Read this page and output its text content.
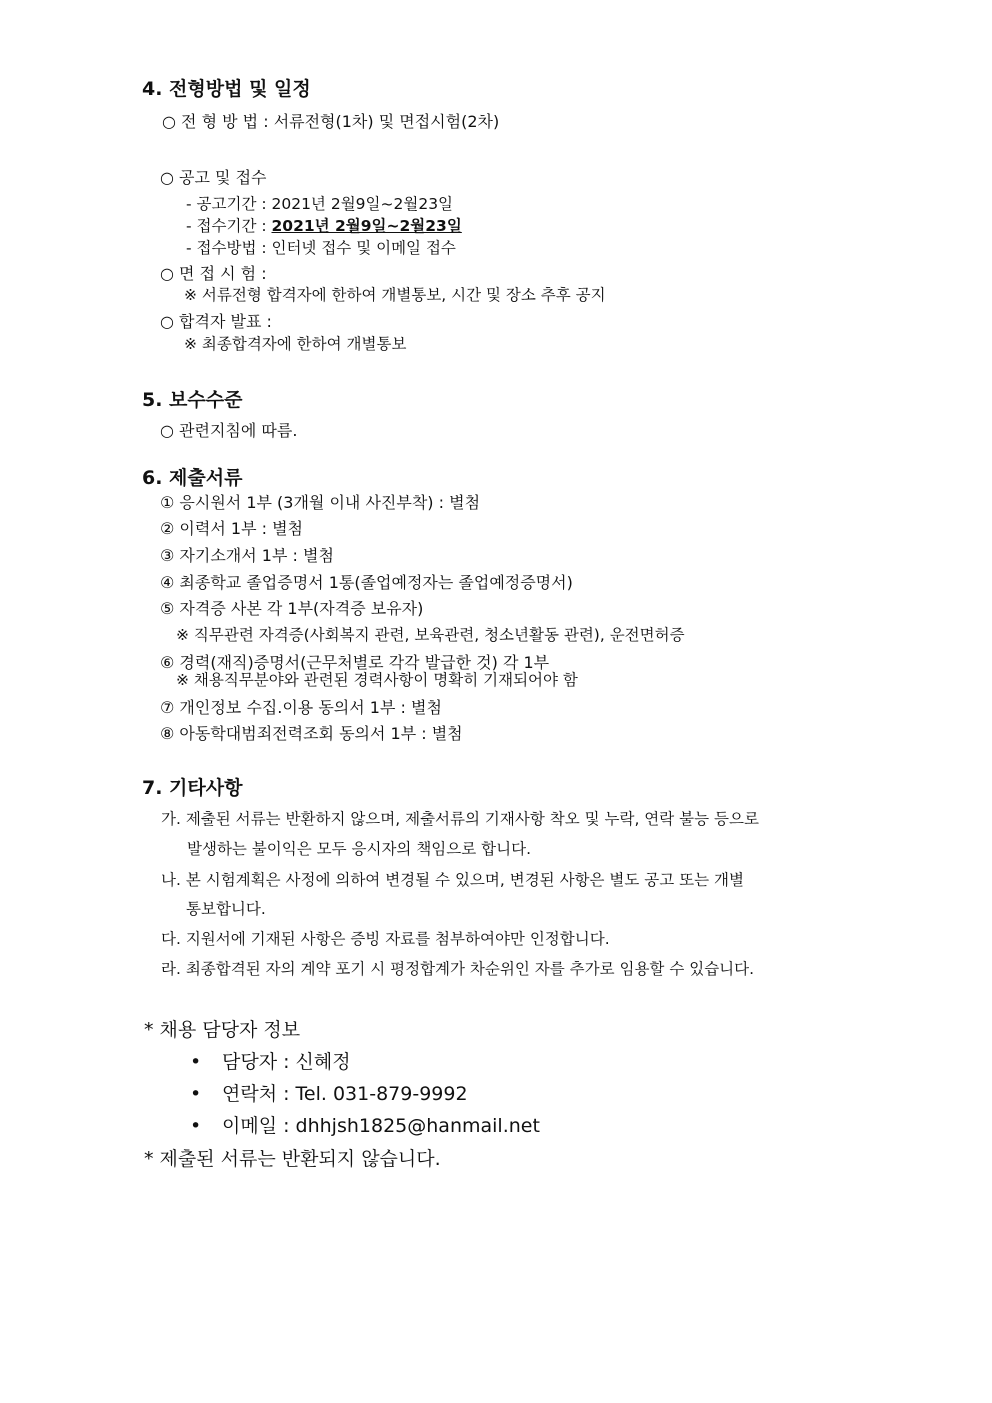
4. 전형방법 및 일정
○ 전 형 방 법 : 서류전형(1차) 및 면접시험(2차)
○ 공고 및 접수
- 공고기간 : 2021년 2월9일~2월23일
- 접수기간 : 2021년 2월9일~2월23일
- 접수방법 : 인터넷 접수 및 이메일 접수
○ 면 접 시 험 :
※ 서류전형 합격자에 한하여 개별통보, 시간 및 장소 추후 공지
○ 합격자 발표 :
※ 최종합격자에 한하여 개별통보
5. 보수수준
○ 관련지침에 따름.
6. 제출서류
① 응시원서 1부 (3개월 이내 사진부착) : 별첨
② 이력서 1부 : 별첨
③ 자기소개서 1부 : 별첨
④ 최종학교 졸업증명서 1통(졸업예정자는 졸업예정증명서)
⑤ 자격증 사본 각 1부(자격증 보유자)
※ 직무관련 자격증(사회복지 관련, 보육관련, 청소년활동 관련), 운전면허증
⑥ 경력(재직)증명서(근무처별로 각각 발급한 것) 각 1부
※ 채용직무분야와 관련된 경력사항이 명확히 기재되어야 함
⑦ 개인정보 수집.이용 동의서 1부 : 별첨
⑧ 아동학대범죄전력조회 동의서 1부 : 별첨
7. 기타사항
가. 제출된 서류는 반환하지 않으며, 제출서류의 기재사항 착오 및 누락, 연락 불능 등으로
발생하는 불이익은 모두 응시자의 책임으로 합니다.
나. 본 시험계획은 사정에 의하여 변경될 수 있으며, 변경된 사항은 별도 공고 또는 개별
통보합니다.
다. 지원서에 기재된 사항은 증빙 자료를 첨부하여야만 인정합니다.
라. 최종합격된 자의 계약 포기 시 평정합계가 차순위인 자를 추가로 임용할 수 있습니다.
* 채용 담당자 정보
• 담당자 : 신혜정
• 연락처 : Tel. 031-879-9992
• 이메일 : dhhjsh1825@hanmail.net
* 제출된 서류는 반환되지 않습니다.
